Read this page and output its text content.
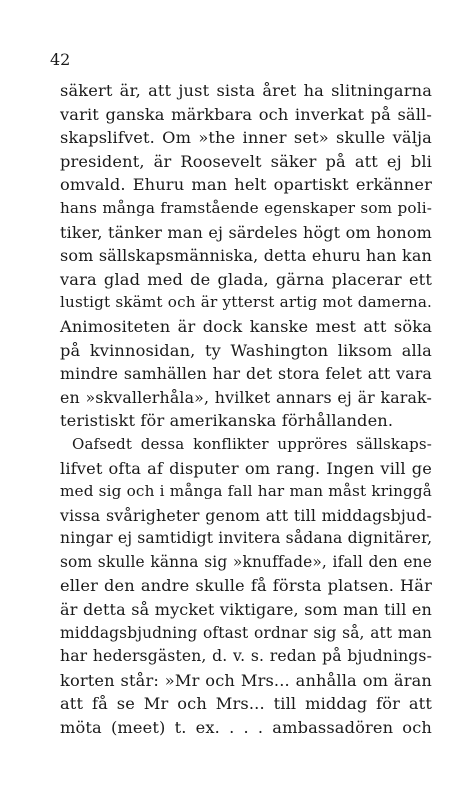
42
säkert är, att just sista året ha slitningarna
varit ganska märkbara och inverkat på säll-
skapslifvet. Om »the inner set» skulle välja
president, är Roosevelt säker på att ej bli
omvald. Ehuru man helt opartiskt erkänner
hans många framstående egenskaper som poli-
tiker, tänker man ej särdeles högt om honom
som sällskapsmänniska, detta ehuru han kan
vara glad med de glada, gärna placerar ett
lustigt skämt och är ytterst artig mot damerna.
Animositeten är dock kanske mest att söka
på kvinnosidan, ty Washington liksom alla
mindre samhällen har det stora felet att vara
en »skvallerhåla», hvilket annars ej är karak-
teristiskt för amerikanska förhållanden.
Oafsedt dessa konflikter uppröres sällskaps-
lifvet ofta af disputer om rang. Ingen vill ge
med sig och i många fall har man måst kringgå
vissa svårigheter genom att till middagsbjud-
ningar ej samtidigt invitera sådana dignitärer,
som skulle känna sig »knuffade», ifall den ene
eller den andre skulle få första platsen. Här
är detta så mycket viktigare, som man till en
middagsbjudning oftast ordnar sig så, att man
har hedersgästen, d. v. s. redan på bjudnings-
korten står: »Mr och Mrs... anhålla om äran
att få se Mr och Mrs... till middag för att
möta (meet) t. ex. . . . ambassadören och
